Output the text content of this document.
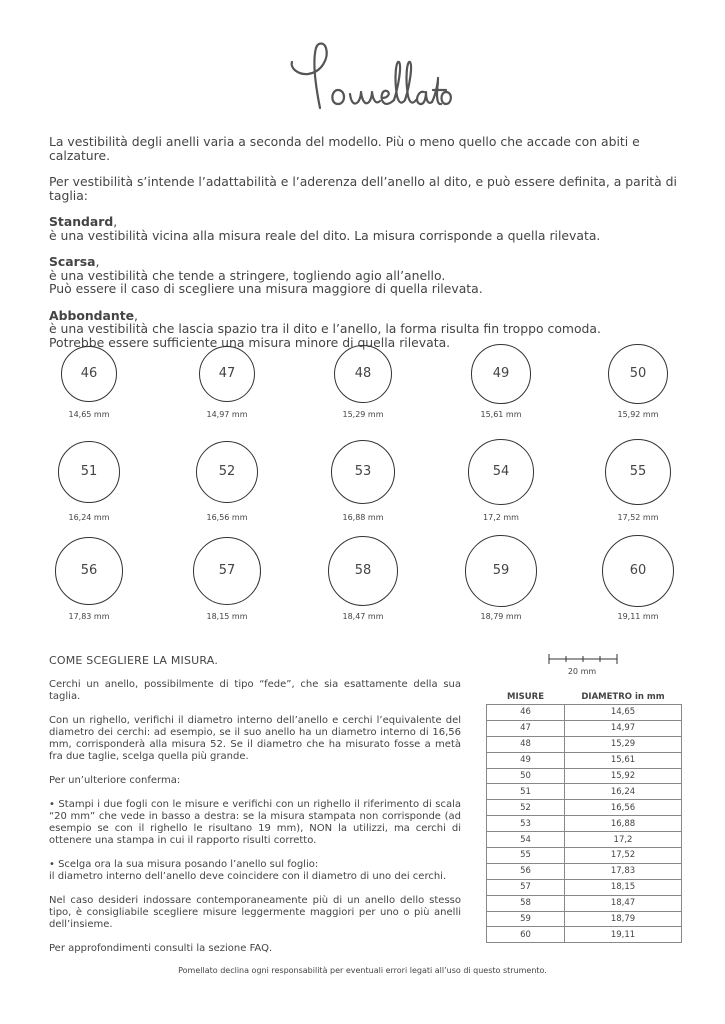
La vestibilità degli anelli varia a seconda del modello. Più o meno quello che accade con abiti e calzature.

Per vestibilità s’intende l’adattabilità e l’aderenza dell’anello al dito, e può essere definita, a parità di taglia:

Standard,

è una vestibilità vicina alla misura reale del dito. La misura corrisponde a quella rilevata.

Scarsa,

è una vestibilità che tende a stringere, togliendo agio all’anello.

Può essere il caso di scegliere una misura maggiore di quella rilevata.

Abbondante,

è una vestibilità che lascia spazio tra il dito e l’anello, la forma risulta fin troppo comoda.

Potrebbe essere sufficiente una misura minore di quella rilevata.

46
14,65 mm
47
14,97 mm
48
15,29 mm
49
15,61 mm
50
15,92 mm
51
16,24 mm
52
16,56 mm
53
16,88 mm
54
17,2 mm
55
17,52 mm
56
17,83 mm
57
18,15 mm
58
18,47 mm
59
18,79 mm
60
19,11 mm

COME SCEGLIERE LA MISURA.

Cerchi un anello, possibilmente di tipo “fede”, che sia esattamente della sua taglia.

Con un righello, verifichi il diametro interno dell’anello e cerchi l’equivalente del diametro dei cerchi: ad esempio, se il suo anello ha un diametro interno di 16,56 mm, corrisponderà alla misura 52. Se il diametro che ha misurato fosse a metà fra due taglie, scelga quella più grande.

Per un’ulteriore conferma:

• Stampi i due fogli con le misure e verifichi con un righello il riferimento di scala “20 mm” che vede in basso a destra: se la misura stampata non corrisponde (ad esempio se con il righello le risultano 19 mm), NON la utilizzi, ma cerchi di ottenere una stampa in cui il rapporto risulti corretto.

• Scelga ora la sua misura posando l’anello sul foglio:

il diametro interno dell’anello deve coincidere con il diametro di uno dei cerchi.

Nel caso desideri indossare contemporaneamente più di un anello dello stesso tipo, è consigliabile scegliere misure leggermente maggiori per uno o più anelli dell’insieme.

Per approfondimenti consulti la sezione FAQ.

20 mm
MISURE	DIAMETRO in mm
46	14,65
47	14,97
48	15,29
49	15,61
50	15,92
51	16,24
52	16,56
53	16,88
54	17,2
55	17,52
56	17,83
57	18,15
58	18,47
59	18,79
60	19,11
Pomellato declina ogni responsabilità per eventuali errori legati all’uso di questo strumento.
